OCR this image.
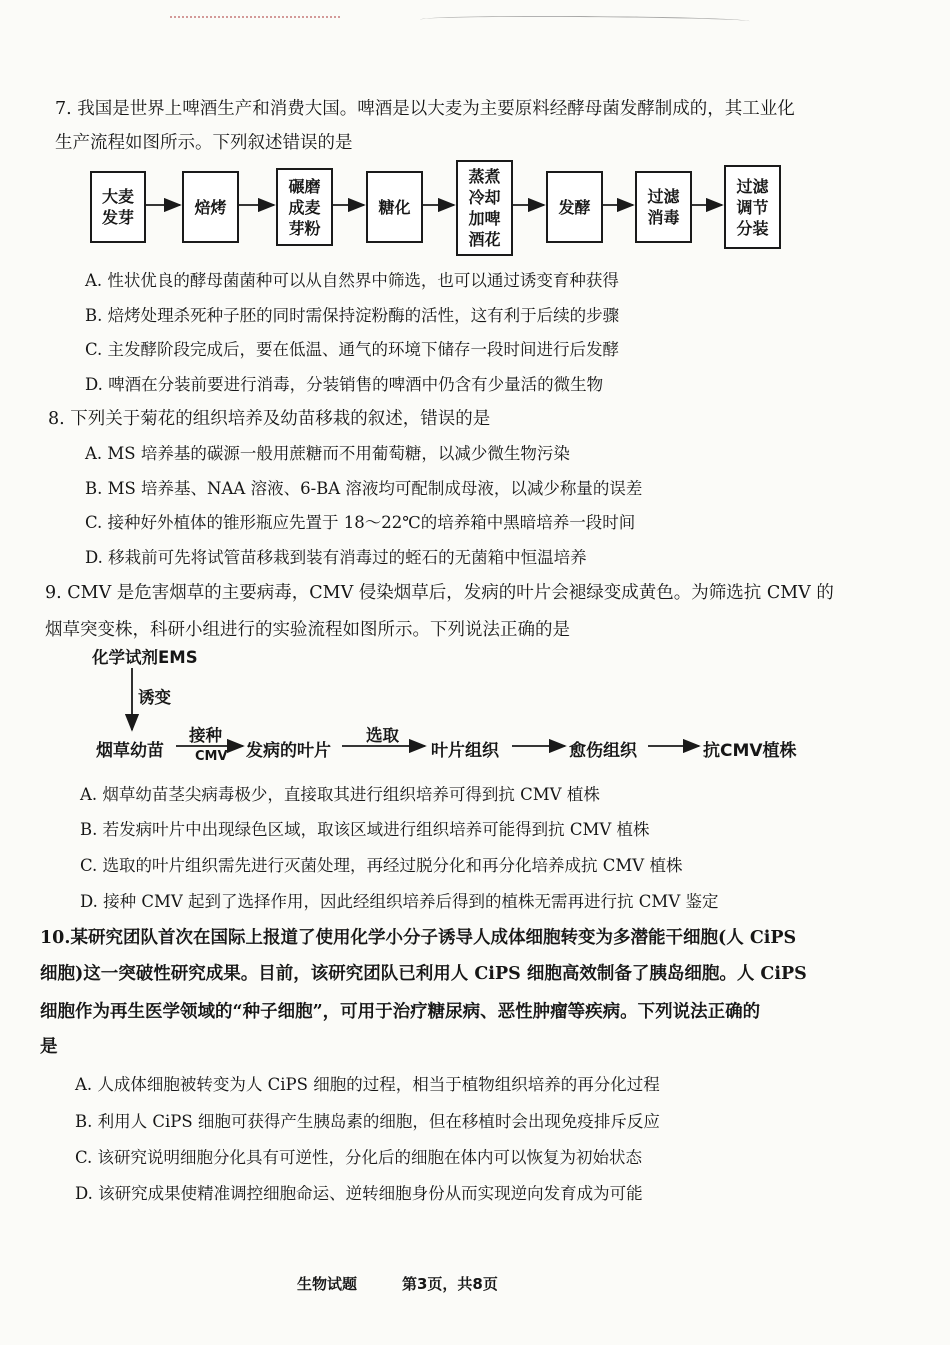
7. 我国是世界上啤酒生产和消费大国。啤酒是以大麦为主要原料经酵母菌发酵制成的，其工业化
生产流程如图所示。下列叙述错误的是
大麦
发芽
焙烤
碾磨
成麦
芽粉
糖化
蒸煮
冷却
加啤
酒花
发酵
过滤
消毒
过滤
调节
分装
A. 性状优良的酵母菌菌种可以从自然界中筛选，也可以通过诱变育种获得
B. 焙烤处理杀死种子胚的同时需保持淀粉酶的活性，这有利于后续的步骤
C. 主发酵阶段完成后，要在低温、通气的环境下储存一段时间进行后发酵
D. 啤酒在分装前要进行消毒，分装销售的啤酒中仍含有少量活的微生物
8. 下列关于菊花的组织培养及幼苗移栽的叙述，错误的是
A. MS 培养基的碳源一般用蔗糖而不用葡萄糖，以减少微生物污染
B. MS 培养基、NAA 溶液、6-BA 溶液均可配制成母液，以减少称量的误差
C. 接种好外植体的锥形瓶应先置于 18～22℃的培养箱中黑暗培养一段时间
D. 移栽前可先将试管苗移栽到装有消毒过的蛭石的无菌箱中恒温培养
9. CMV 是危害烟草的主要病毒，CMV 侵染烟草后，发病的叶片会褪绿变成黄色。为筛选抗 CMV 的
烟草突变株，科研小组进行的实验流程如图所示。下列说法正确的是
化学试剂EMS
诱变
烟草幼苗
接种
CMV 发病的叶片
选取
叶片组织	愈伤组织	抗CMV植株
A. 烟草幼苗茎尖病毒极少，直接取其进行组织培养可得到抗 CMV 植株
B. 若发病叶片中出现绿色区域，取该区域进行组织培养可能得到抗 CMV 植株
C. 选取的叶片组织需先进行灭菌处理，再经过脱分化和再分化培养成抗 CMV 植株
D. 接种 CMV 起到了选择作用，因此经组织培养后得到的植株无需再进行抗 CMV 鉴定
10.某研究团队首次在国际上报道了使用化学小分子诱导人成体细胞转变为多潜能干细胞(人 CiPS
细胞)这一突破性研究成果。目前，该研究团队已利用人 CiPS 细胞高效制备了胰岛细胞。人 CiPS
细胞作为再生医学领域的“种子细胞”，可用于治疗糖尿病、恶性肿瘤等疾病。下列说法正确的
是
A. 人成体细胞被转变为人 CiPS 细胞的过程，相当于植物组织培养的再分化过程
B. 利用人 CiPS 细胞可获得产生胰岛素的细胞，但在移植时会出现免疫排斥反应
C. 该研究说明细胞分化具有可逆性，分化后的细胞在体内可以恢复为初始状态
D. 该研究成果使精准调控细胞命运、逆转细胞身份从而实现逆向发育成为可能
生物试题	第3页，共8页
